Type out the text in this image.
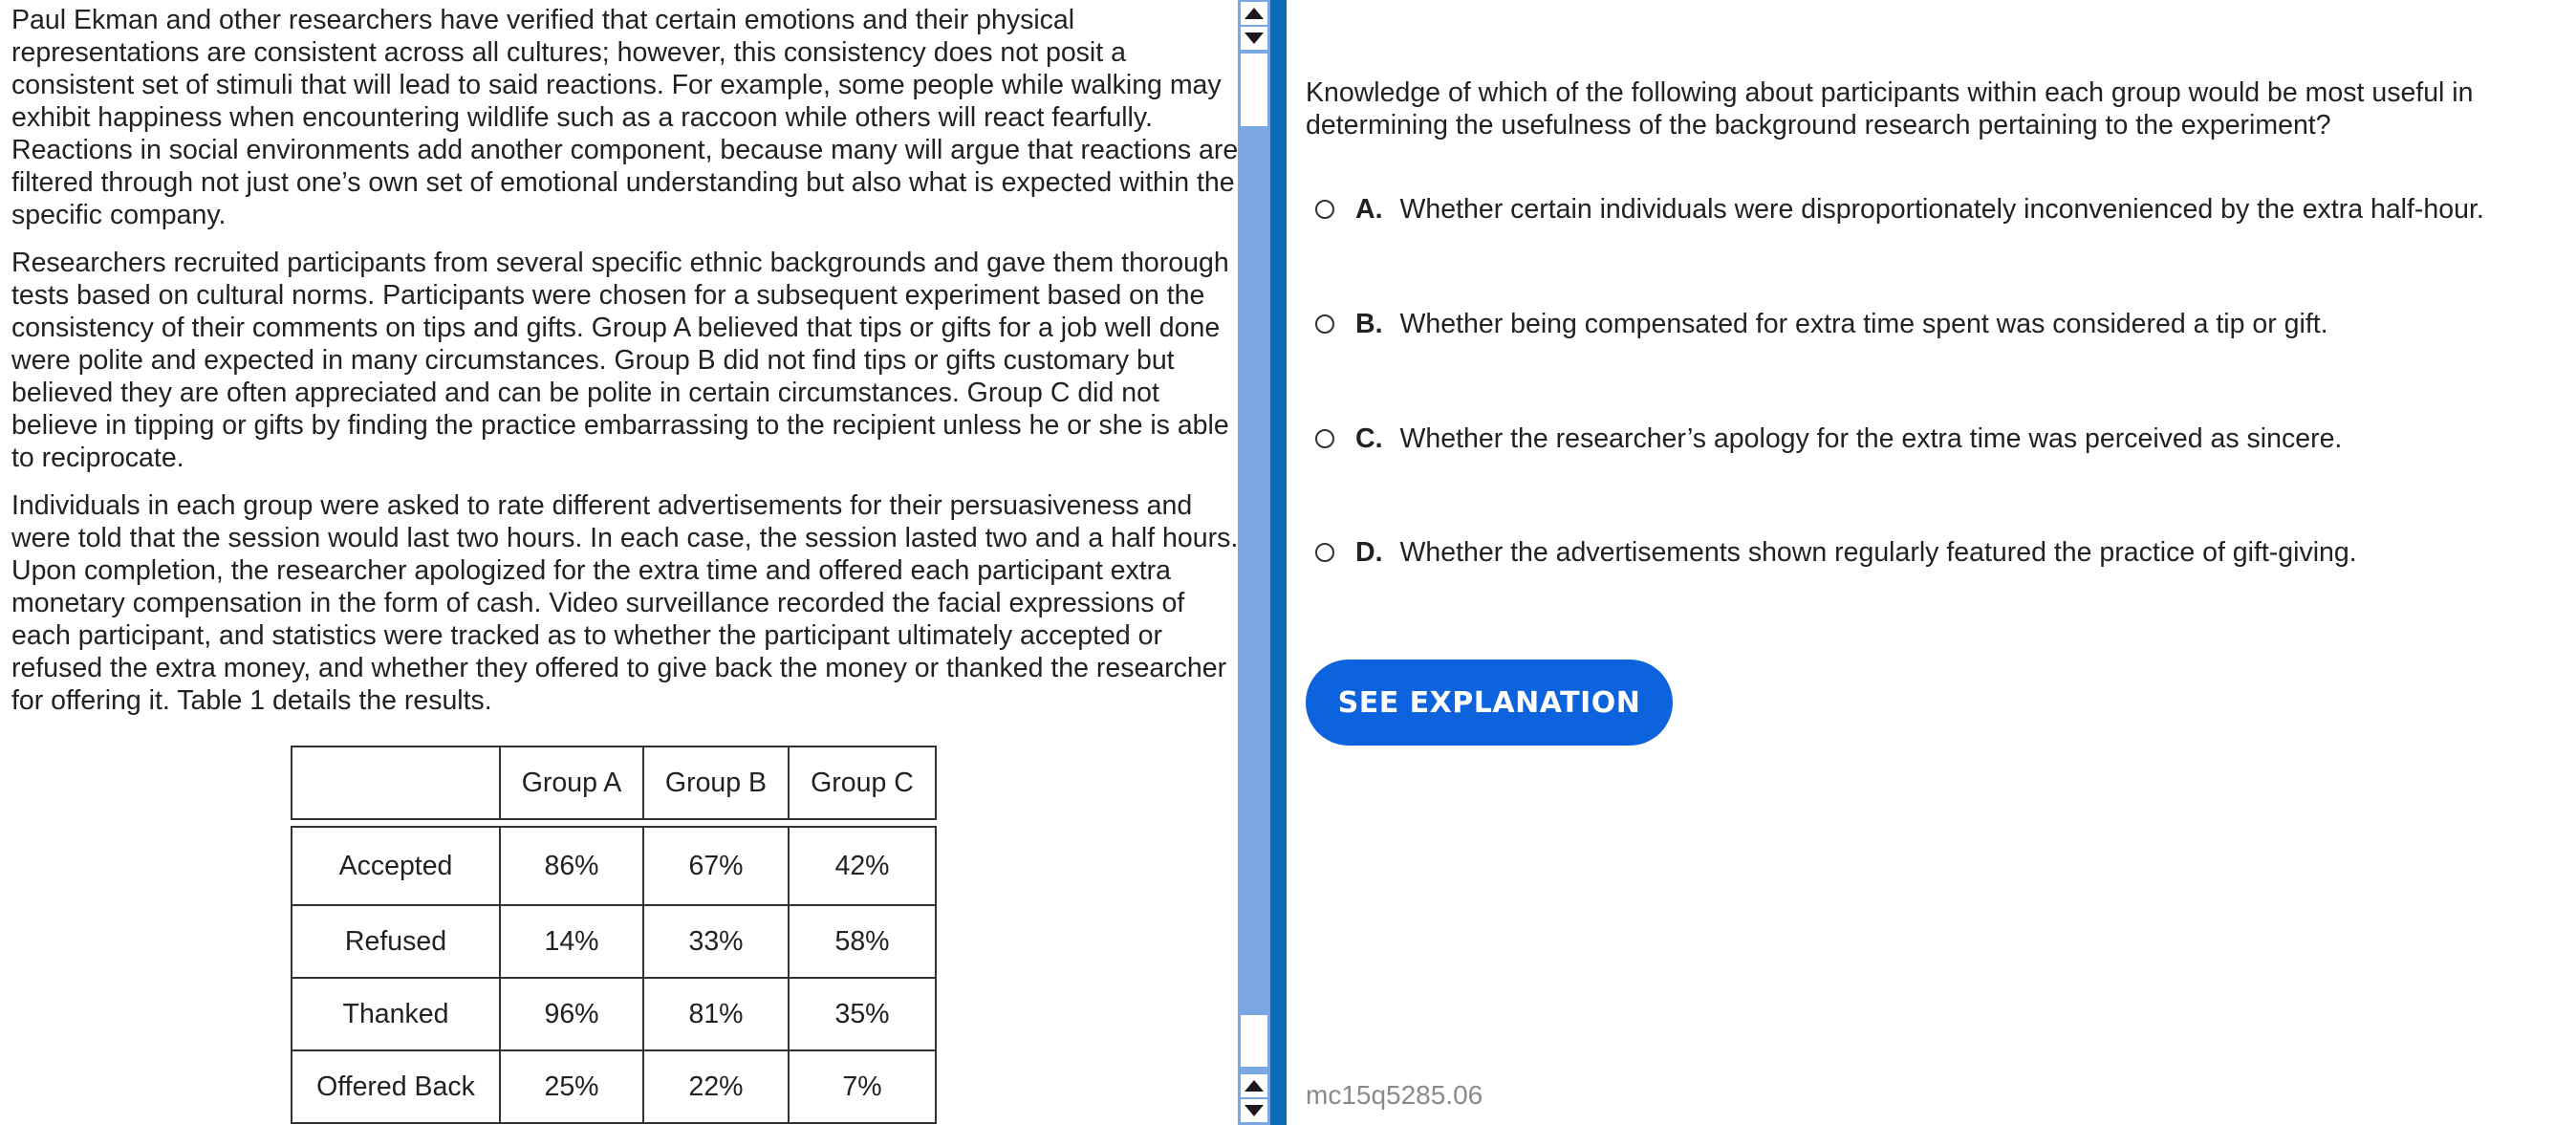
Paul Ekman and other researchers have verified that certain emotions and their physical representations are consistent across all cultures; however, this consistency does not posit a consistent set of stimuli that will lead to said reactions. For example, some people while walking may exhibit happiness when encountering wildlife such as a raccoon while others will react fearfully. Reactions in social environments add another component, because many will argue that reactions are filtered through not just one’s own set of emotional understanding but also what is expected within the specific company.

Researchers recruited participants from several specific ethnic backgrounds and gave them thorough tests based on cultural norms. Participants were chosen for a subsequent experiment based on the consistency of their comments on tips and gifts. Group A believed that tips or gifts for a job well done were polite and expected in many circumstances. Group B did not find tips or gifts customary but believed they are often appreciated and can be polite in certain circumstances. Group C did not believe in tipping or gifts by finding the practice embarrassing to the recipient unless he or she is able to reciprocate.

Individuals in each group were asked to rate different advertisements for their persuasiveness and were told that the session would last two hours. In each case, the session lasted two and a half hours. Upon completion, the researcher apologized for the extra time and offered each participant extra monetary compensation in the form of cash. Video surveillance recorded the facial expressions of each participant, and statistics were tracked as to whether the participant ultimately accepted or refused the extra money, and whether they offered to give back the money or thanked the researcher for offering it. Table 1 details the results.

	Group A	Group B	Group C

Accepted	86%	67%	42%
Refused	14%	33%	58%
Thanked	96%	81%	35%
Offered Back	25%	22%	7%

Knowledge of which of the following about participants within each group would be most useful in determining the usefulness of the background research pertaining to the experiment?

A. Whether certain individuals were disproportionately inconvenienced by the extra half-hour.
B. Whether being compensated for extra time spent was considered a tip or gift.
C. Whether the researcher’s apology for the extra time was perceived as sincere.
D. Whether the advertisements shown regularly featured the practice of gift-giving.
SEE EXPLANATION
mc15q5285.06
